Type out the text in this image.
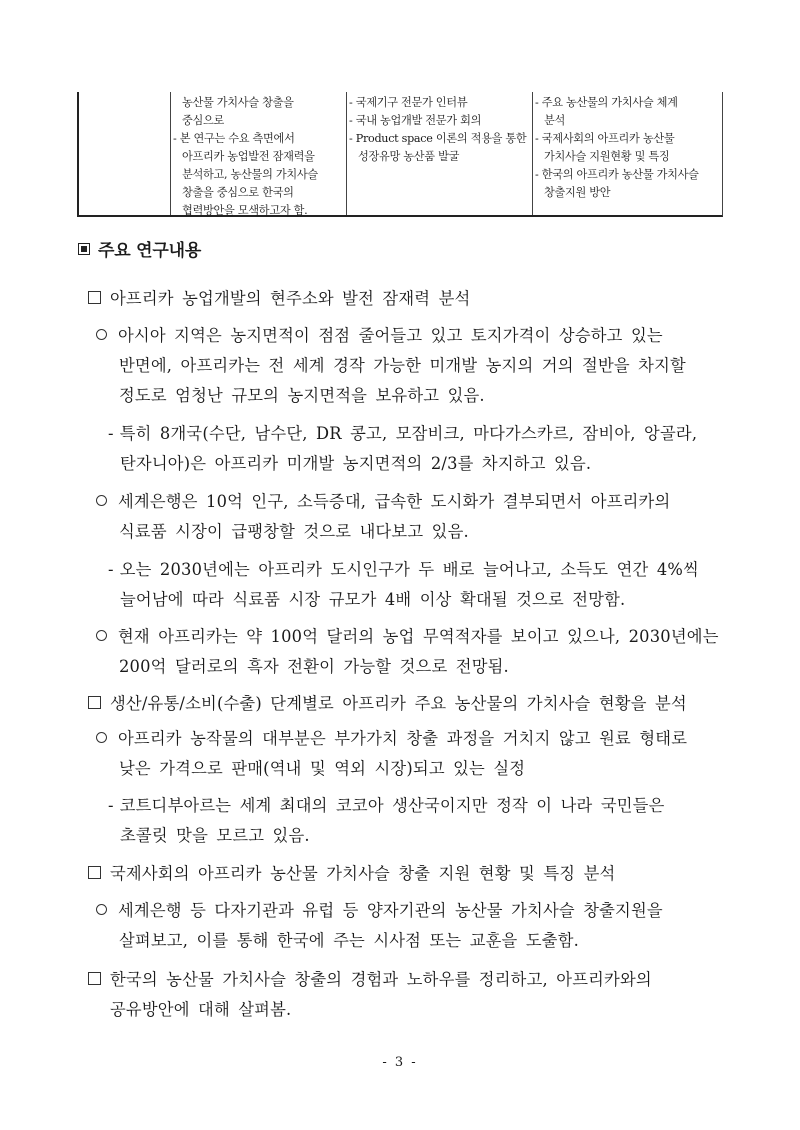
농산물 가치사슬 창출을
중심으로
- 본 연구는 수요 측면에서
아프리카 농업발전 잠재력을
분석하고, 농산물의 가치사슬
창출을 중심으로 한국의
협력방안을 모색하고자 함.
- 국제기구 전문가 인터뷰
- 국내 농업개발 전문가 회의
- Product space 이론의 적용을 통한
성장유망 농산품 발굴
- 주요 농산물의 가치사슬 체계
분석
- 국제사회의 아프리카 농산물
가치사슬 지원현황 및 특징
- 한국의 아프리카 농산물 가치사슬
창출지원 방안
주요 연구내용
아프리카 농업개발의 현주소와 발전 잠재력 분석
아시아 지역은 농지면적이 점점 줄어들고 있고 토지가격이 상승하고 있는
반면에, 아프리카는 전 세계 경작 가능한 미개발 농지의 거의 절반을 차지할
정도로 엄청난 규모의 농지면적을 보유하고 있음.
- 특히 8개국(수단, 남수단, DR 콩고, 모잠비크, 마다가스카르, 잠비아, 앙골라,
탄자니아)은 아프리카 미개발 농지면적의 2/3를 차지하고 있음.
세계은행은 10억 인구, 소득증대, 급속한 도시화가 결부되면서 아프리카의
식료품 시장이 급팽창할 것으로 내다보고 있음.
- 오는 2030년에는 아프리카 도시인구가 두 배로 늘어나고, 소득도 연간 4%씩
늘어남에 따라 식료품 시장 규모가 4배 이상 확대될 것으로 전망함.
현재 아프리카는 약 100억 달러의 농업 무역적자를 보이고 있으나, 2030년에는
200억 달러로의 흑자 전환이 가능할 것으로 전망됨.
생산/유통/소비(수출) 단계별로 아프리카 주요 농산물의 가치사슬 현황을 분석
아프리카 농작물의 대부분은 부가가치 창출 과정을 거치지 않고 원료 형태로
낮은 가격으로 판매(역내 및 역외 시장)되고 있는 실정
- 코트디부아르는 세계 최대의 코코아 생산국이지만 정작 이 나라 국민들은
초콜릿 맛을 모르고 있음.
국제사회의 아프리카 농산물 가치사슬 창출 지원 현황 및 특징 분석
세계은행 등 다자기관과 유럽 등 양자기관의 농산물 가치사슬 창출지원을
살펴보고, 이를 통해 한국에 주는 시사점 또는 교훈을 도출함.
한국의 농산물 가치사슬 창출의 경험과 노하우를 정리하고, 아프리카와의
공유방안에 대해 살펴봄.
- 3 -
